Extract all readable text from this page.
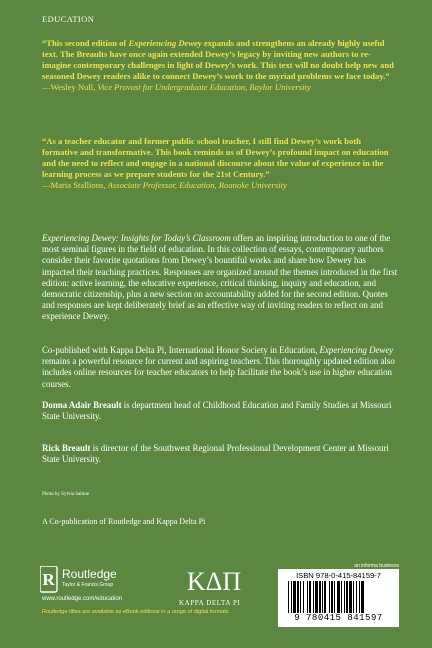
EDUCATION
“This second edition of Experiencing Dewey expands and strengthens an already highly useful text. The Breaults have once again extended Dewey’s legacy by inviting new authors to re-imagine contemporary challenges in light of Dewey’s work. This text will no doubt help new and seasoned Dewey readers alike to connect Dewey’s work to the myriad problems we face today.”
—Wesley Null, Vice Provost for Undergraduate Education, Baylor University
“As a teacher educator and former public school teacher, I still find Dewey’s work both formative and transformative. This book reminds us of Dewey’s profound impact on education and the need to reflect and engage in a national discourse about the value of experience in the learning process as we prepare students for the 21st Century.”
—Maria Stallions, Associate Professor, Education, Roanoke University
Experiencing Dewey: Insights for Today’s Classroom offers an inspiring introduction to one of the most seminal figures in the field of education. In this collection of essays, contemporary authors consider their favorite quotations from Dewey’s bountiful works and share how Dewey has impacted their teaching practices. Responses are organized around the themes introduced in the first edition: active learning, the educative experience, critical thinking, inquiry and education, and democratic citizenship, plus a new section on accountability added for the second edition. Quotes and responses are kept deliberately brief as an effective way of inviting readers to reflect on and experience Dewey.
Co-published with Kappa Delta Pi, International Honor Society in Education, Experiencing Dewey remains a powerful resource for current and aspiring teachers. This thoroughly updated edition also includes online resources for teacher educators to help facilitate the book’s use in higher education courses.
Donna Adair Breault is department head of Childhood Education and Family Studies at Missouri State University.
Rick Breault is director of the Southwest Regional Professional Development Center at Missouri State University.
Photo by Sylvia Salmie
A Co-publication of Routledge and Kappa Delta Pi
R Routledge
Taylor & Francis Group
www.routledge.com/education
KΔΠ
KAPPA DELTA PI
Routledge titles are available as eBook editions in a range of digital formats
an informa business
ISBN 978-0-415-84159-7
9 780415 841597
